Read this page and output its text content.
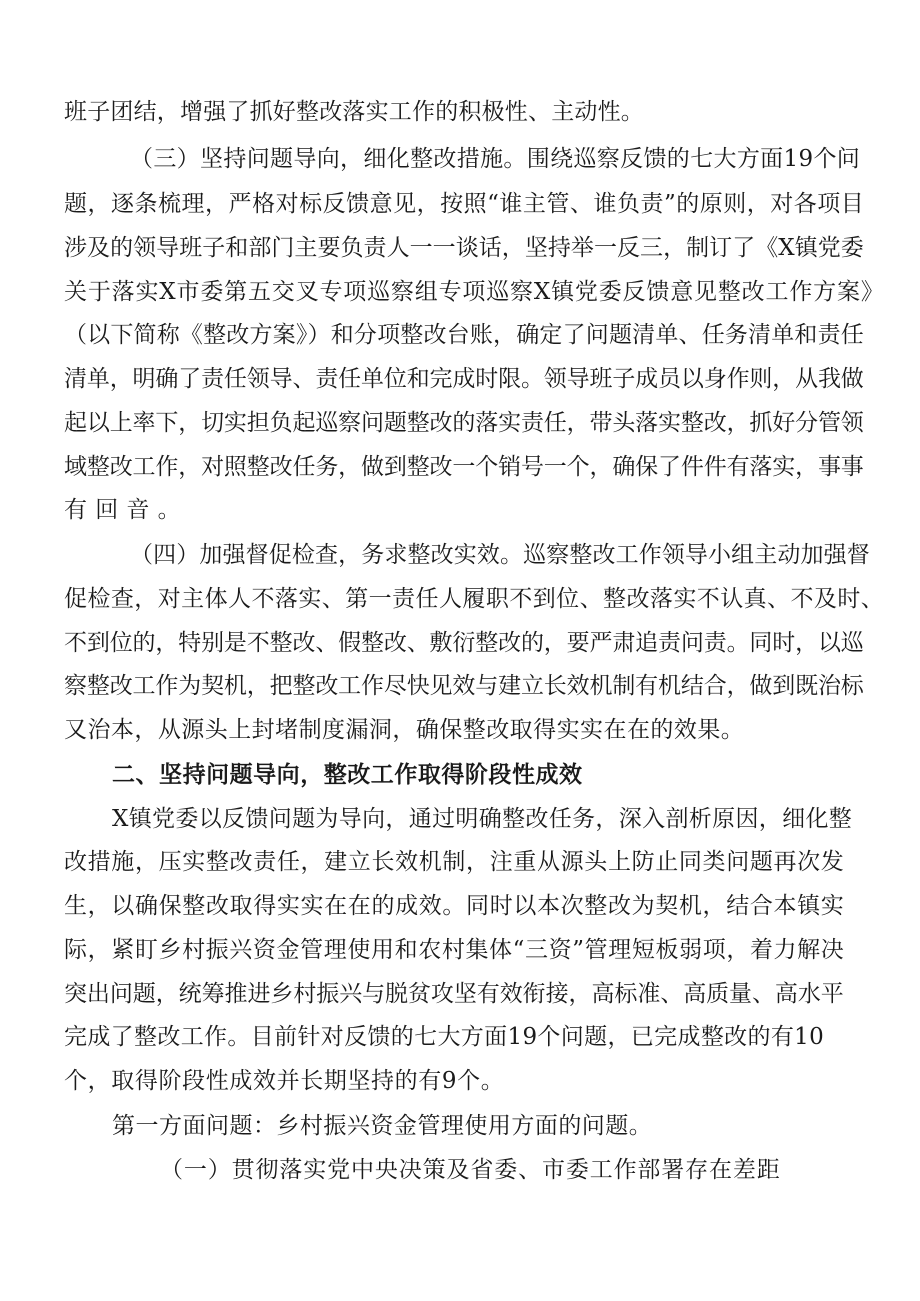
班子团结，增强了抓好整改落实工作的积极性、主动性。
（三）坚持问题导向，细化整改措施。围绕巡察反馈的七大方面19个问
题，逐条梳理，严格对标反馈意见，按照“谁主管、谁负责”的原则，对各项目
涉及的领导班子和部门主要负责人一一谈话，坚持举一反三，制订了《X镇党委
关于落实X市委第五交叉专项巡察组专项巡察X镇党委反馈意见整改工作方案》
（以下简称《整改方案》）和分项整改台账，确定了问题清单、任务清单和责任
清单，明确了责任领导、责任单位和完成时限。领导班子成员以身作则，从我做
起以上率下，切实担负起巡察问题整改的落实责任，带头落实整改，抓好分管领
域整改工作，对照整改任务，做到整改一个销号一个，确保了件件有落实，事事
有回音。
（四）加强督促检查，务求整改实效。巡察整改工作领导小组主动加强督
促检查，对主体人不落实、第一责任人履职不到位、整改落实不认真、不及时、
不到位的，特别是不整改、假整改、敷衍整改的，要严肃追责问责。同时，以巡
察整改工作为契机，把整改工作尽快见效与建立长效机制有机结合，做到既治标
又治本，从源头上封堵制度漏洞，确保整改取得实实在在的效果。
二、坚持问题导向，整改工作取得阶段性成效
X镇党委以反馈问题为导向，通过明确整改任务，深入剖析原因，细化整
改措施，压实整改责任，建立长效机制，注重从源头上防止同类问题再次发
生，以确保整改取得实实在在的成效。同时以本次整改为契机，结合本镇实
际，紧盯乡村振兴资金管理使用和农村集体“三资”管理短板弱项，着力解决
突出问题，统筹推进乡村振兴与脱贫攻坚有效衔接，高标准、高质量、高水平
完成了整改工作。目前针对反馈的七大方面19个问题，已完成整改的有10
个，取得阶段性成效并长期坚持的有9个。
第一方面问题：乡村振兴资金管理使用方面的问题。
（一）贯彻落实党中央决策及省委、市委工作部署存在差距
